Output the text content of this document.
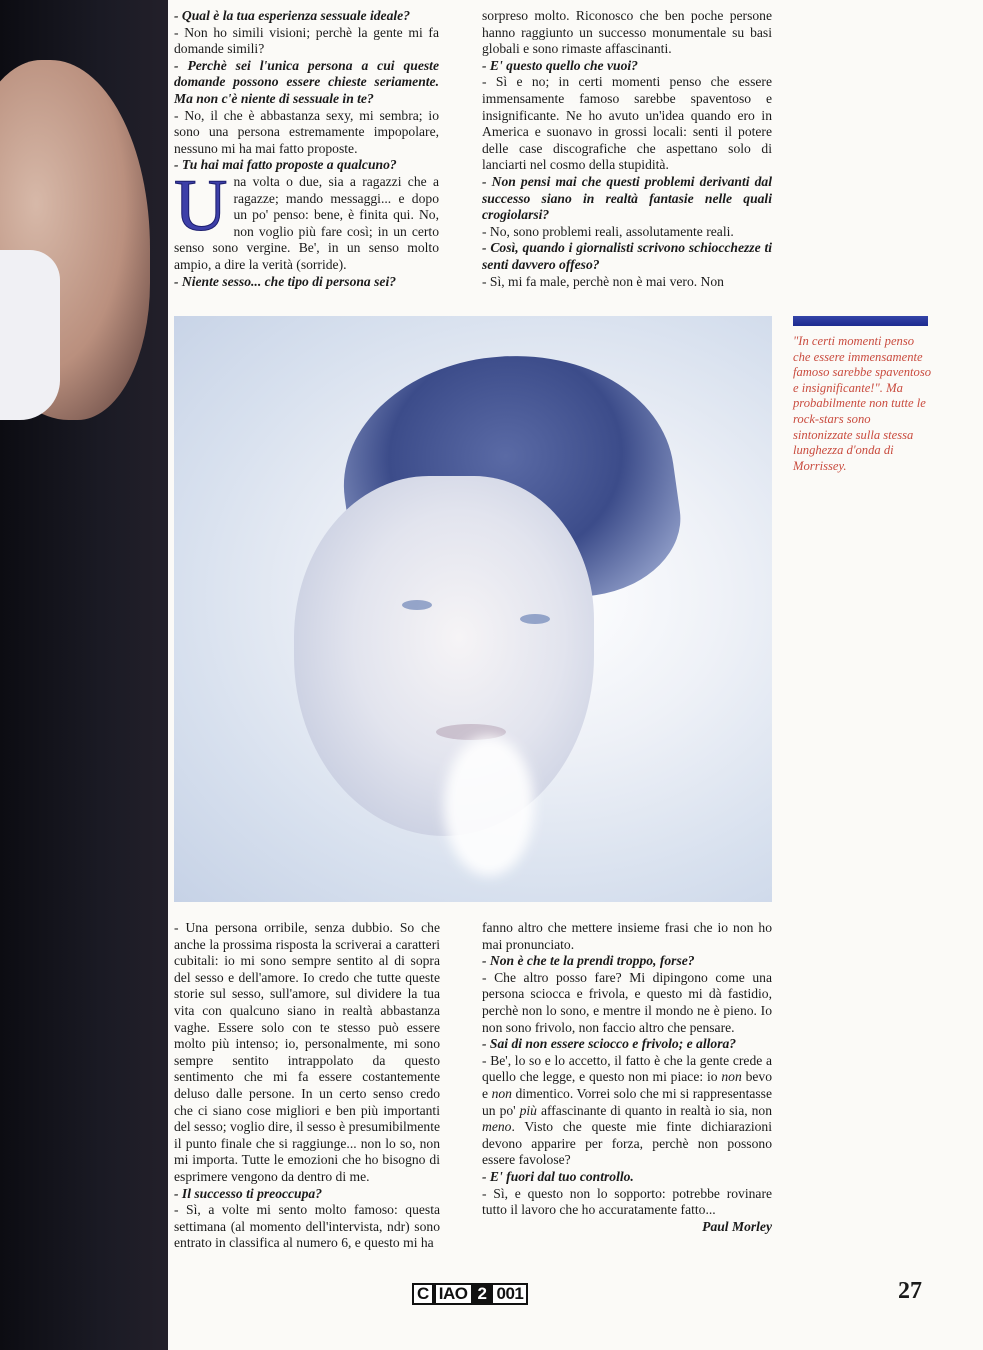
- Qual è la tua esperienza sessuale ideale?

- Non ho simili visioni; perchè la gente mi fa domande simili?

- Perchè sei l'unica persona a cui queste domande possono essere chieste seriamente. Ma non c'è niente di sessuale in te?

- No, il che è abbastanza sexy, mi sembra; io sono una persona estremamente impopolare, nessuno mi ha mai fatto proposte.

- Tu hai mai fatto proposte a qualcuno?

Una volta o due, sia a ragazzi che a ragazze; mando messaggi... e dopo un po' penso: bene, è finita qui. No, non voglio più fare così; in un certo senso sono vergine. Be', in un senso molto ampio, a dire la verità (sorride).

- Niente sesso... che tipo di persona sei?

sorpreso molto. Riconosco che ben poche persone hanno raggiunto un successo monumentale su basi globali e sono rimaste affascinanti.

- E' questo quello che vuoi?

- Sì e no; in certi momenti penso che essere immensamente famoso sarebbe spaventoso e insignificante. Ne ho avuto un'idea quando ero in America e suonavo in grossi locali: senti il potere delle case discografiche che aspettano solo di lanciarti nel cosmo della stupidità.

- Non pensi mai che questi problemi derivanti dal successo siano in realtà fantasie nelle quali crogiolarsi?

- No, sono problemi reali, assolutamente reali.

- Così, quando i giornalisti scrivono schiocchezze ti senti davvero offeso?

- Sì, mi fa male, perchè non è mai vero. Non

"In certi momenti penso che essere immensamente famoso sarebbe spaventoso e insignificante!". Ma probabilmente non tutte le rock-stars sono sintonizzate sulla stessa lunghezza d'onda di Morrissey.

- Una persona orribile, senza dubbio. So che anche la prossima risposta la scriverai a caratteri cubitali: io mi sono sempre sentito al di sopra del sesso e dell'amore. Io credo che tutte queste storie sul sesso, sull'amore, sul dividere la tua vita con qualcuno siano in realtà abbastanza vaghe. Essere solo con te stesso può essere molto più intenso; io, personalmente, mi sono sempre sentito intrappolato da questo sentimento che mi fa essere costantemente deluso dalle persone. In un certo senso credo che ci siano cose migliori e ben più importanti del sesso; voglio dire, il sesso è presumibilmente il punto finale che si raggiunge... non lo so, non mi importa. Tutte le emozioni che ho bisogno di esprimere vengono da dentro di me.

- Il successo ti preoccupa?

- Sì, a volte mi sento molto famoso: questa settimana (al momento dell'intervista, ndr) sono entrato in classifica al numero 6, e questo mi ha

fanno altro che mettere insieme frasi che io non ho mai pronunciato.

- Non è che te la prendi troppo, forse?

- Che altro posso fare? Mi dipingono come una persona sciocca e frivola, e questo mi dà fastidio, perchè non lo sono, e mentre il mondo ne è pieno. Io non sono frivolo, non faccio altro che pensare.

- Sai di non essere sciocco e frivolo; e allora?

- Be', lo so e lo accetto, il fatto è che la gente crede a quello che legge, e questo non mi piace: io non bevo e non dimentico. Vorrei solo che mi si rappresentasse un po' più affascinante di quanto in realtà io sia, non meno. Visto che queste mie finte dichiarazioni devono apparire per forza, perchè non possono essere favolose?

- E' fuori dal tuo controllo.

- Sì, e questo non lo sopporto: potrebbe rovinare tutto il lavoro che ho accuratamente fatto...

Paul Morley

C IAO 2 001	27
